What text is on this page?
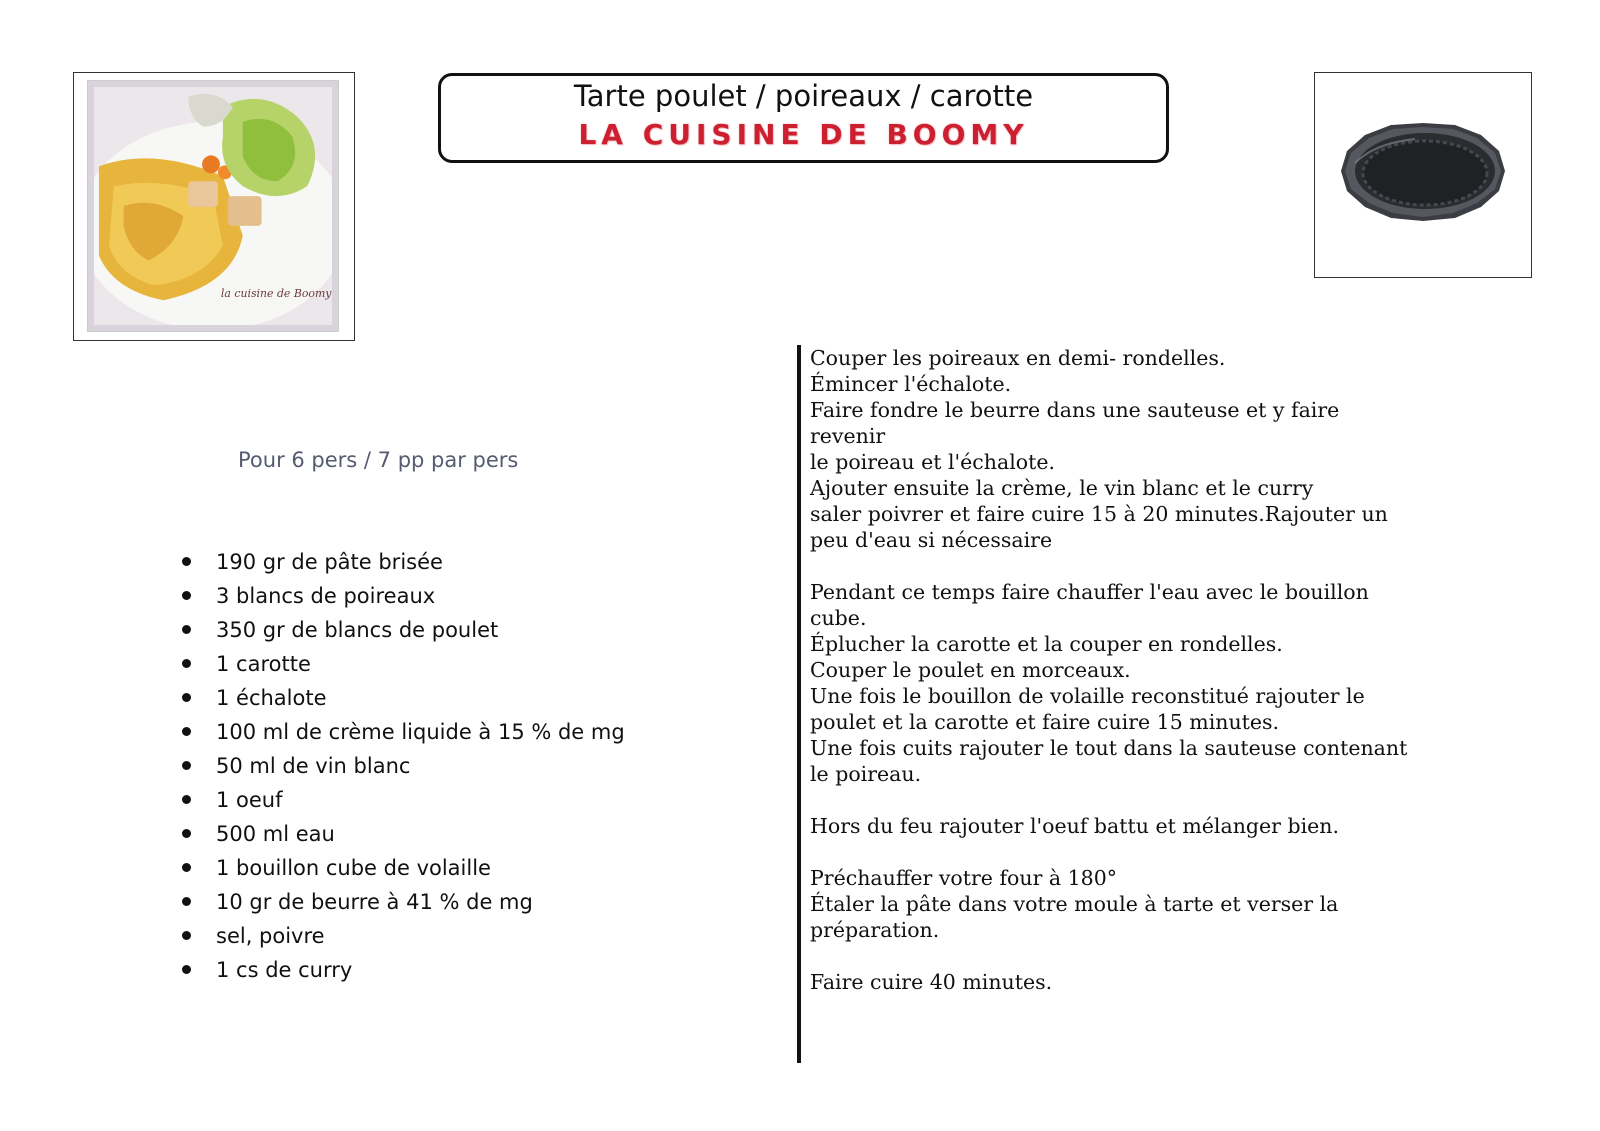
la cuisine de Boomy
Tarte poulet / poireaux / carotte
LA CUISINE DE BOOMY
Pour 6 pers / 7 pp par pers
190 gr de pâte brisée
3 blancs de poireaux
350 gr de blancs de poulet
1 carotte
1 échalote
100 ml de crème liquide à 15 % de mg
50 ml de vin blanc
1 oeuf
500 ml eau
1 bouillon cube de volaille
10 gr de beurre à 41 % de mg
sel, poivre
1 cs de curry

Couper les poireaux en demi- rondelles.
Émincer l'échalote.
Faire fondre le beurre dans une sauteuse et y faire revenir
le poireau et l'échalote.
Ajouter ensuite la crème, le vin blanc et le curry
saler poivrer et faire cuire 15 à 20 minutes.Rajouter un
peu d'eau si nécessaire

Pendant ce temps faire chauffer l'eau avec le bouillon
cube.
Éplucher la carotte et la couper en rondelles.
Couper le poulet en morceaux.
Une fois le bouillon de volaille reconstitué rajouter le
poulet et la carotte et faire cuire 15 minutes.
Une fois cuits rajouter le tout dans la sauteuse contenant
le poireau.

Hors du feu rajouter l'oeuf battu et mélanger bien.

Préchauffer votre four à 180°
Étaler la pâte dans votre moule à tarte et verser la
préparation.

Faire cuire 40 minutes.
